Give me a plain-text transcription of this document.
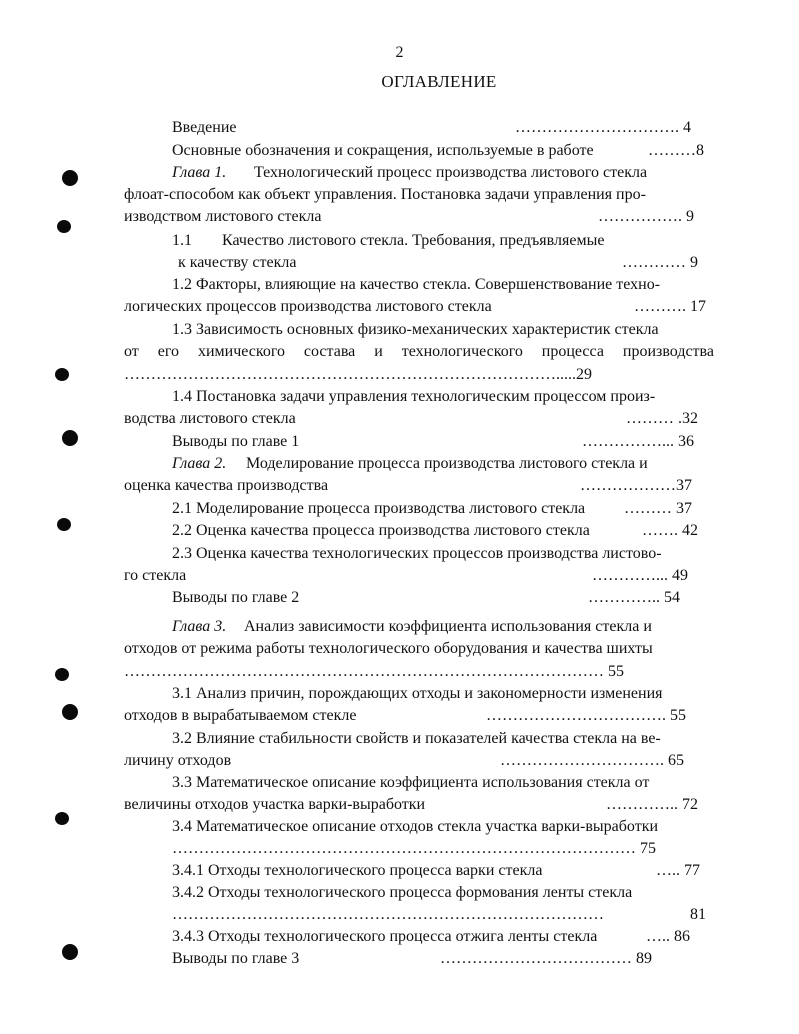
2
ОГЛАВЛЕНИЕ
Введение	…………………………. 4
Основные обозначения и сокращения, используемые в работе	………8
Глава 1. Технологический процесс производства листового стекла
флоат-способом как объект управления. Постановка задачи управления про-
изводством листового стекла	……………. 9
1.1 Качество листового стекла. Требования, предъявляемые
к качеству стекла	………… 9
1.2 Факторы, влияющие на качество стекла. Совершенствование техно-
логических процессов производства листового стекла	………. 17
1.3 Зависимость основных физико-механических характеристик стекла
от его химического состава и технологического процесса производства
……………………………………………………………………….....29
1.4 Постановка задачи управления технологическим процессом произ-
водства листового стекла	……… .32
Выводы по главе 1	……………... 36
Глава 2. Моделирование процесса производства листового стекла и
оценка качества производства	………………37
2.1 Моделирование процесса производства листового стекла ……… 37
2.2 Оценка качества процесса производства листового стекла	……. 42
2.3 Оценка качества технологических процессов производства листово-
го стекла	…………... 49
Выводы по главе 2	………….. 54
Глава 3. Анализ зависимости коэффициента использования стекла и
отходов от режима работы технологического оборудования и качества шихты
……………………………………………………………………………… 55
3.1 Анализ причин, порождающих отходы и закономерности изменения
отходов в вырабатываемом стекле	……………………………. 55
3.2 Влияние стабильности свойств и показателей качества стекла на ве-
личину отходов	…………………………. 65
3.3 Математическое описание коэффициента использования стекла от
величины отходов участка варки-выработки	………….. 72
3.4 Математическое описание отходов стекла участка варки-выработки
…………………………………………………………………………… 75
3.4.1 Отходы технологического процесса варки стекла	….. 77
3.4.2 Отходы технологического процесса формования ленты стекла
………………………………………………………………………	81
3.4.3 Отходы технологического процесса отжига ленты стекла	….. 86
Выводы по главе 3	……………………………… 89
